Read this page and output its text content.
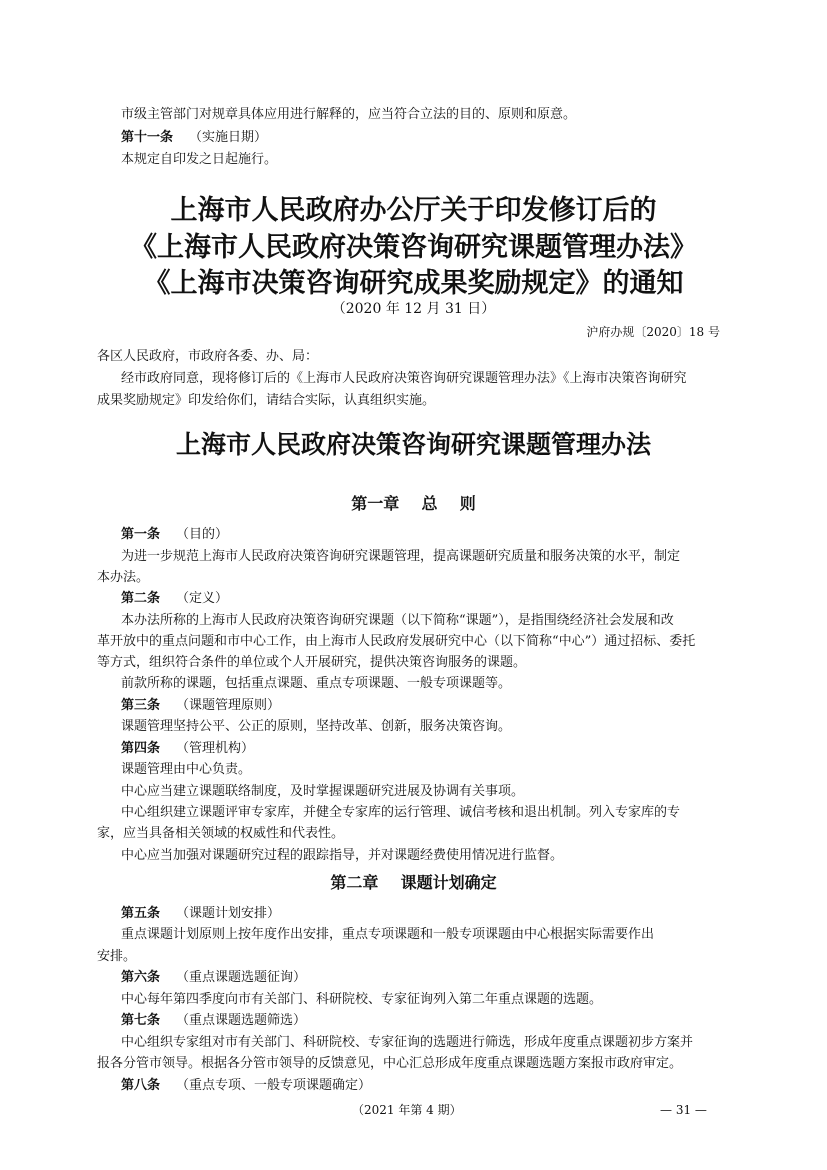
市级主管部门对规章具体应用进行解释的，应当符合立法的目的、原则和原意。
第十一条 （实施日期）
本规定自印发之日起施行。
上海市人民政府办公厅关于印发修订后的
《上海市人民政府决策咨询研究课题管理办法》
《上海市决策咨询研究成果奖励规定》的通知
（2020 年 12 月 31 日）
沪府办规〔2020〕18 号
各区人民政府，市政府各委、办、局：
经市政府同意，现将修订后的《上海市人民政府决策咨询研究课题管理办法》《上海市决策咨询研究
成果奖励规定》印发给你们，请结合实际，认真组织实施。
上海市人民政府决策咨询研究课题管理办法
第一章    总    则
第一条 （目的）
为进一步规范上海市人民政府决策咨询研究课题管理，提高课题研究质量和服务决策的水平，制定
本办法。
第二条 （定义）
本办法所称的上海市人民政府决策咨询研究课题（以下简称“课题”），是指围绕经济社会发展和改
革开放中的重点问题和市中心工作，由上海市人民政府发展研究中心（以下简称“中心”）通过招标、委托
等方式，组织符合条件的单位或个人开展研究，提供决策咨询服务的课题。
前款所称的课题，包括重点课题、重点专项课题、一般专项课题等。
第三条 （课题管理原则）
课题管理坚持公平、公正的原则，坚持改革、创新，服务决策咨询。
第四条 （管理机构）
课题管理由中心负责。
中心应当建立课题联络制度，及时掌握课题研究进展及协调有关事项。
中心组织建立课题评审专家库，并健全专家库的运行管理、诚信考核和退出机制。列入专家库的专
家，应当具备相关领域的权威性和代表性。
中心应当加强对课题研究过程的跟踪指导，并对课题经费使用情况进行监督。
第二章    课题计划确定
第五条 （课题计划安排）
重点课题计划原则上按年度作出安排，重点专项课题和一般专项课题由中心根据实际需要作出
安排。
第六条 （重点课题选题征询）
中心每年第四季度向市有关部门、科研院校、专家征询列入第二年重点课题的选题。
第七条 （重点课题选题筛选）
中心组织专家组对市有关部门、科研院校、专家征询的选题进行筛选，形成年度重点课题初步方案并
报各分管市领导。根据各分管市领导的反馈意见，中心汇总形成年度重点课题选题方案报市政府审定。
第八条 （重点专项、一般专项课题确定）
（2021 年第 4 期）	— 31 —
